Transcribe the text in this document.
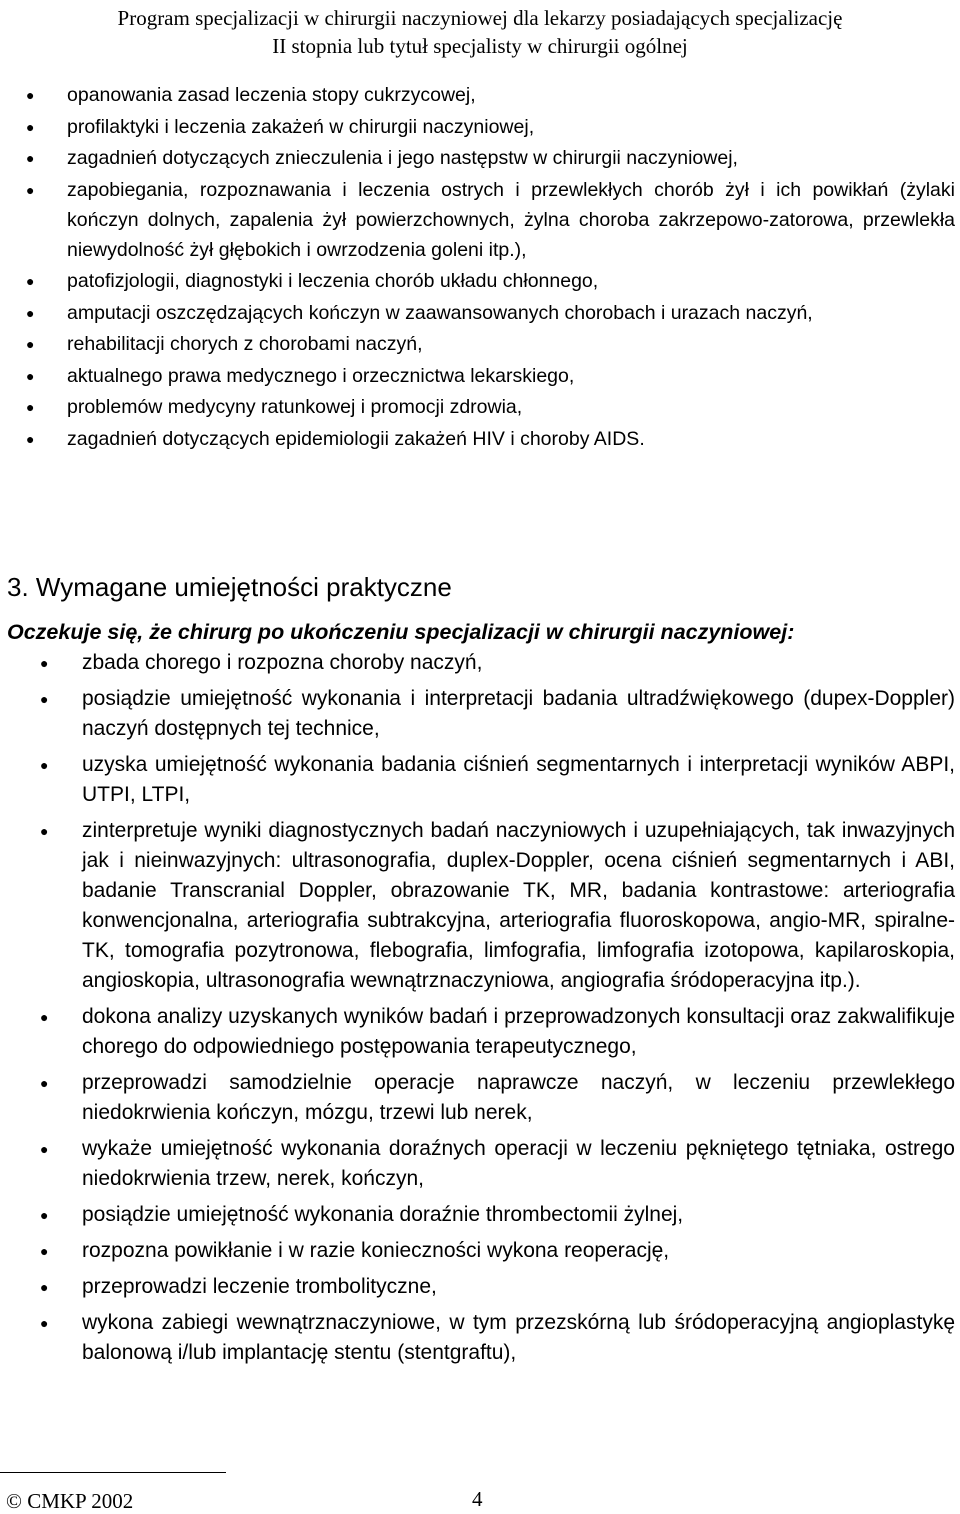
Program specjalizacji w chirurgii naczyniowej dla lekarzy posiadających specjalizację
II stopnia lub tytuł specjalisty w chirurgii ogólnej
● opanowania zasad leczenia stopy cukrzycowej,
● profilaktyki i leczenia zakażeń w chirurgii naczyniowej,
● zagadnień dotyczących znieczulenia i jego następstw w chirurgii naczyniowej,
● zapobiegania, rozpoznawania i leczenia ostrych i przewlekłych chorób żył i ich powikłań (żylaki kończyn dolnych, zapalenia żył powierzchownych, żylna choroba zakrzepowo-zatorowa, przewlekła niewydolność żył głębokich i owrzodzenia goleni itp.),
● patofizjologii, diagnostyki i leczenia chorób układu chłonnego,
● amputacji oszczędzających kończyn w zaawansowanych chorobach i urazach naczyń,
● rehabilitacji chorych z chorobami naczyń,
● aktualnego prawa medycznego i orzecznictwa lekarskiego,
● problemów medycyny ratunkowej i promocji zdrowia,
● zagadnień dotyczących epidemiologii zakażeń HIV i choroby AIDS.
3. Wymagane umiejętności praktyczne
Oczekuje się, że chirurg po ukończeniu specjalizacji w chirurgii naczyniowej:
● zbada chorego i rozpozna choroby naczyń,
● posiądzie umiejętność wykonania i interpretacji badania ultradźwiękowego (dupex-Doppler) naczyń dostępnych tej technice,
● uzyska umiejętność wykonania badania ciśnień segmentarnych i interpretacji wyników ABPI, UTPI, LTPI,
● zinterpretuje wyniki diagnostycznych badań naczyniowych i uzupełniających, tak inwazyjnych jak i nieinwazyjnych: ultrasonografia, duplex-Doppler, ocena ciśnień segmentarnych i ABI, badanie Transcranial Doppler, obrazowanie TK, MR, badania kontrastowe: arteriografia konwencjonalna, arteriografia subtrakcyjna, arteriografia fluoroskopowa, angio-MR, spiralne-TK, tomografia pozytronowa, flebografia, limfografia, limfografia izotopowa, kapilaroskopia, angioskopia, ultrasonografia wewnątrznaczyniowa, angiografia śródoperacyjna itp.).
● dokona analizy uzyskanych wyników badań i przeprowadzonych konsultacji oraz zakwalifikuje chorego do odpowiedniego postępowania terapeutycznego,
● przeprowadzi samodzielnie operacje naprawcze naczyń, w leczeniu przewlekłego niedokrwienia kończyn, mózgu, trzewi lub nerek,
● wykaże umiejętność wykonania doraźnych operacji w leczeniu pękniętego tętniaka, ostrego niedokrwienia trzew, nerek, kończyn,
● posiądzie umiejętność wykonania doraźnie thrombectomii żylnej,
● rozpozna powikłanie i w razie konieczności wykona reoperację,
● przeprowadzi leczenie trombolityczne,
● wykona zabiegi wewnątrznaczyniowe, w tym przezskórną lub śródoperacyjną angioplastykę balonową i/lub implantację stentu (stentgraftu),
© CMKP 2002	4
